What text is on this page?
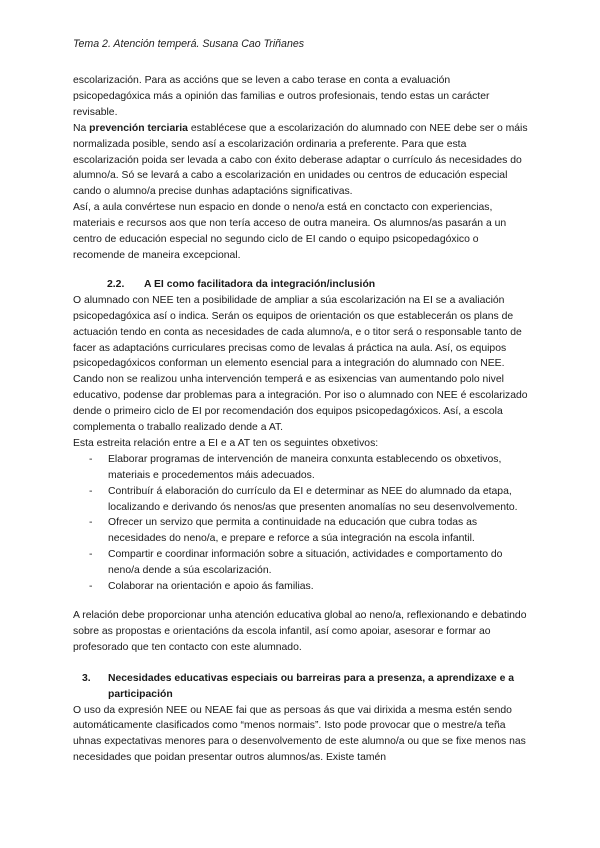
Tema 2. Atención temperá. Susana Cao Triñanes

escolarización. Para as accións que se leven a cabo terase en conta a evaluación psicopedagóxica más a opinión das familias e outros profesionais, tendo estas un carácter revisable.

Na prevención terciaria establécese que a escolarización do alumnado con NEE debe ser o máis normalizada posible, sendo así a escolarización ordinaria a preferente. Para que esta escolarización poida ser levada a cabo con éxito deberase adaptar o currículo ás necesidades do alumno/a. Só se levará a cabo a escolarización en unidades ou centros de educación especial cando o alumno/a precise dunhas adaptacións significativas.

Así, a aula convértese nun espacio en donde o neno/a está en conctacto con experiencias, materiais e recursos aos que non tería acceso de outra maneira. Os alumnos/as pasarán a un centro de educación especial no segundo ciclo de EI cando o equipo psicopedagóxico o recomende de maneira excepcional.

2.2.	A EI como facilitadora da integración/inclusión

O alumnado con NEE ten a posibilidade de ampliar a súa escolarización na EI se a avaliación psicopedagóxica así o indica. Serán os equipos de orientación os que establecerán os plans de actuación tendo en conta as necesidades de cada alumno/a, e o titor será o responsable tanto de facer as adaptacións curriculares precisas como de levalas á práctica na aula. Así, os equipos psicopedagóxicos conforman un elemento esencial para a integración do alumnado con NEE.

Cando non se realizou unha intervención temperá e as esixencias van aumentando polo nivel educativo, podense dar problemas para a integración. Por iso o alumnado con NEE é escolarizado dende o primeiro ciclo de EI por recomendación dos equipos psicopedagóxicos. Así, a escola complementa o traballo realizado dende a AT.

Esta estreita relación entre a EI e a AT ten os seguintes obxetivos:

- Elaborar programas de intervención de maneira conxunta establecendo os obxetivos, materiais e procedementos máis adecuados.
- Contribuír á elaboración do currículo da EI e determinar as NEE do alumnado da etapa, localizando e derivando ós nenos/as que presenten anomalías no seu desenvolvemento.
- Ofrecer un servizo que permita a continuidade na educación que cubra todas as necesidades do neno/a, e prepare e reforce a súa integración na escola infantil.
- Compartir e coordinar información sobre a situación, actividades e comportamento do neno/a dende a súa escolarización.
- Colaborar na orientación e apoio ás familias.

A relación debe proporcionar unha atención educativa global ao neno/a, reflexionando e debatindo sobre as propostas e orientacións da escola infantil, así como apoiar, asesorar e formar ao profesorado que ten contacto con este alumnado.

3.	Necesidades educativas especiais ou barreiras para a presenza, a aprendizaxe e a participación

O uso da expresión NEE ou NEAE fai que as persoas ás que vai dirixida a mesma estén sendo automáticamente clasificados como “menos normais”. Isto pode provocar que o mestre/a teña uhnas expectativas menores para o desenvolvemento de este alumno/a ou que se fixe menos nas necesidades que poidan presentar outros alumnos/as. Existe tamén
